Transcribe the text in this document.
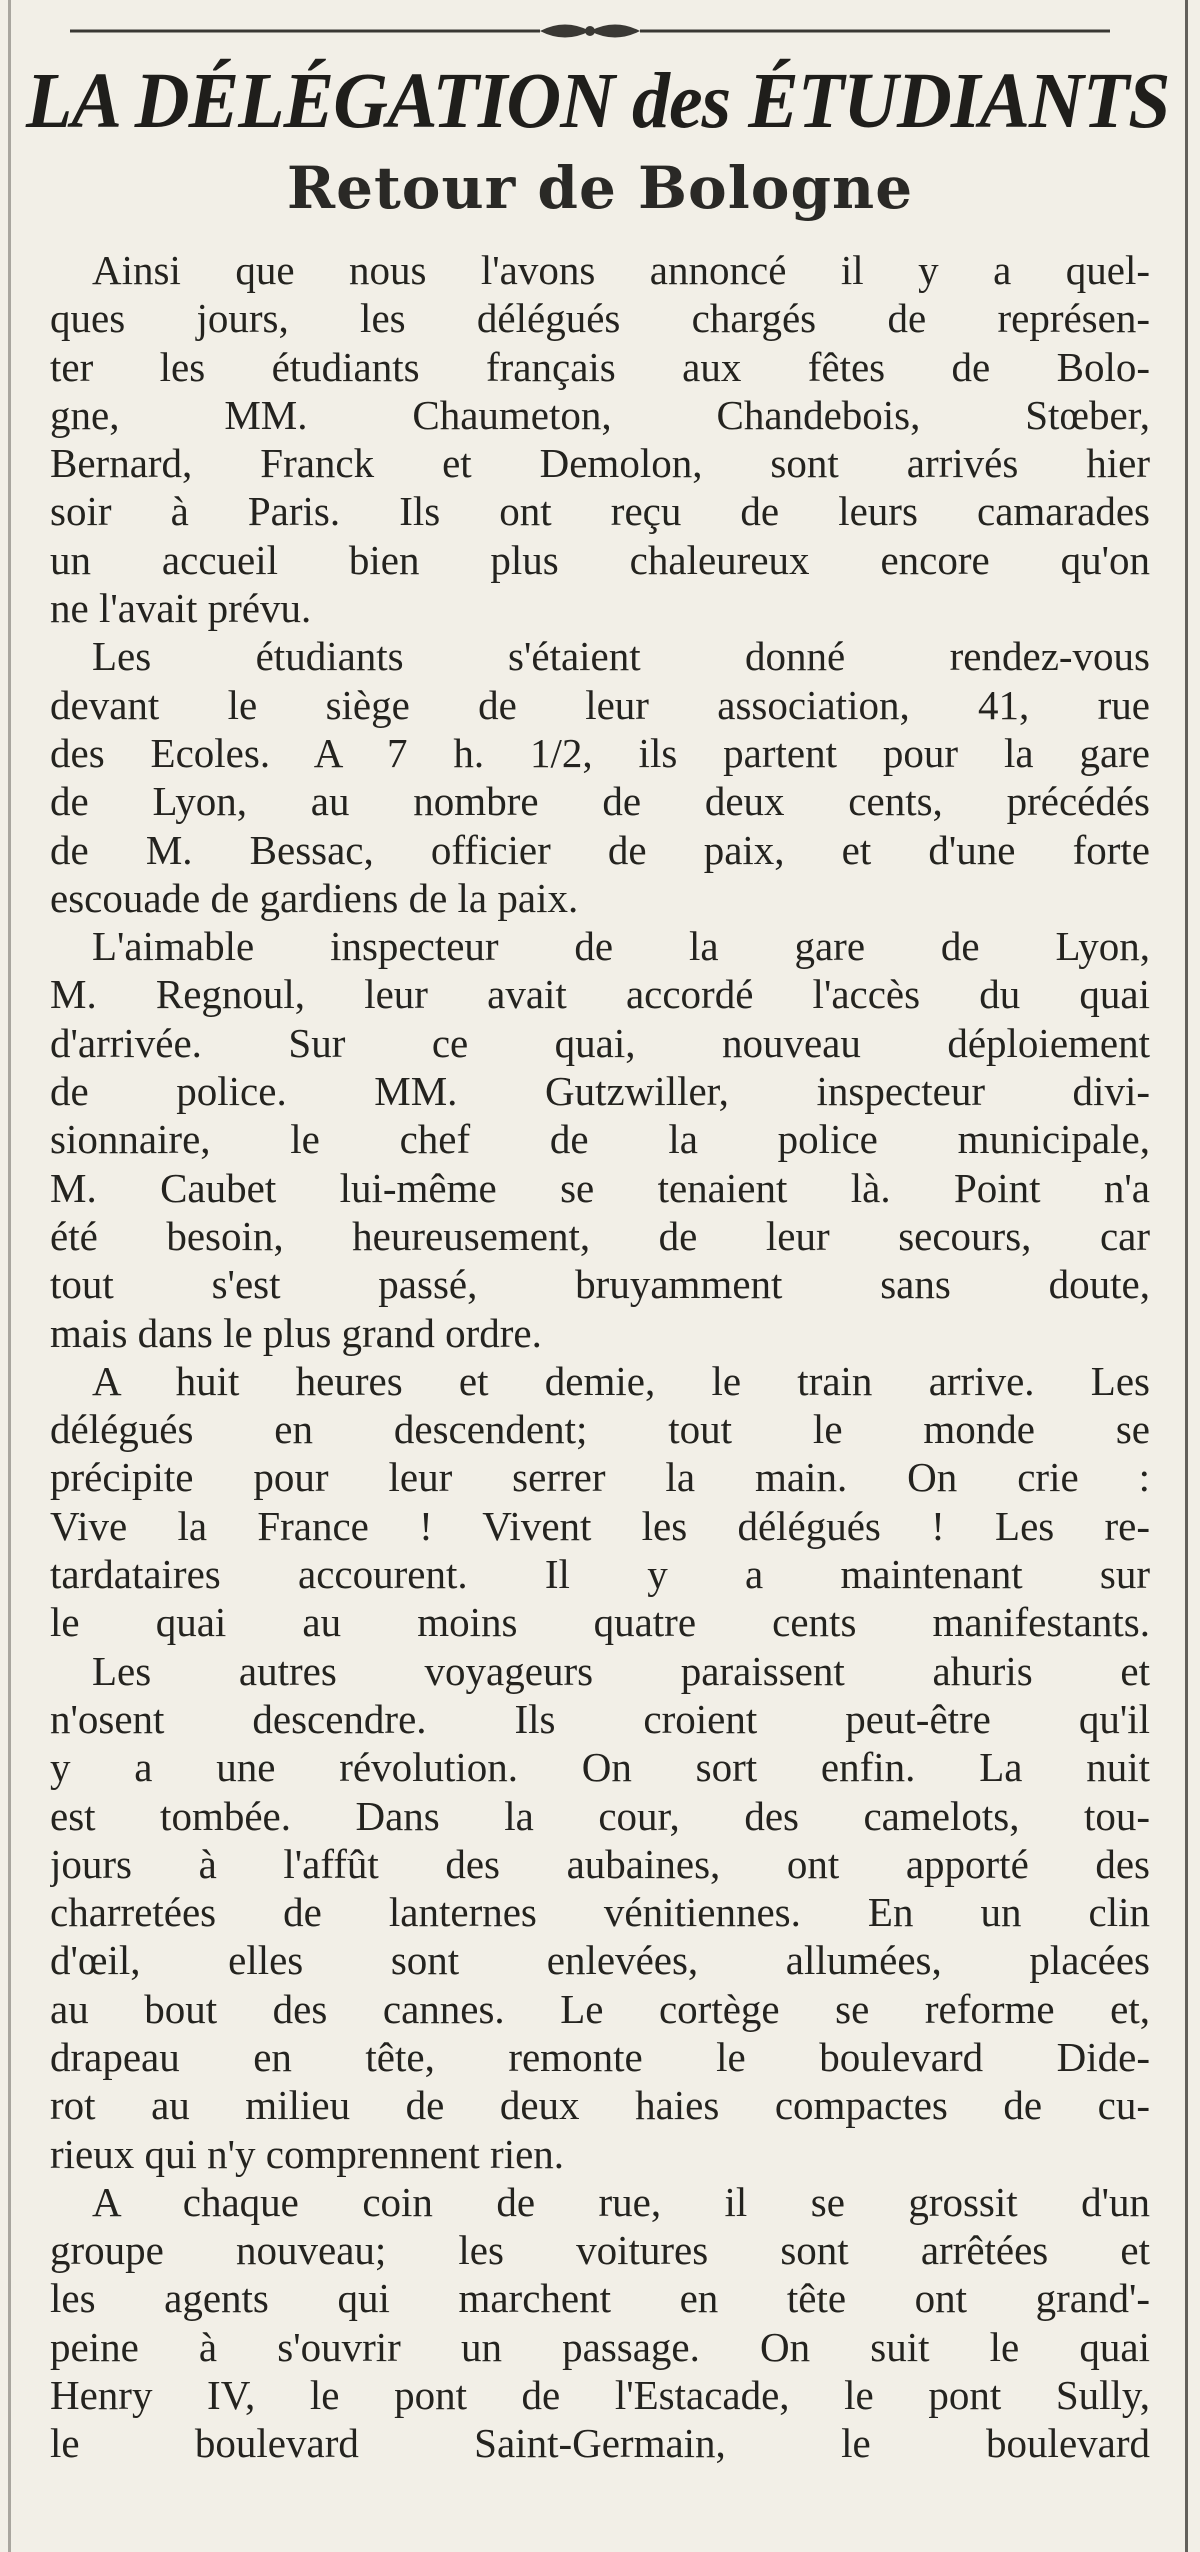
LA DÉLÉGATION des ÉTUDIANTS
Retour de Bologne
Ainsi que nous l'avons annoncé il y a quel-
ques jours, les délégués chargés de représen-
ter les étudiants français aux fêtes de Bolo-
gne, MM. Chaumeton, Chandebois, Stœber,
Bernard, Franck et Demolon, sont arrivés hier
soir à Paris. Ils ont reçu de leurs camarades
un accueil bien plus chaleureux encore qu'on
ne l'avait prévu.
Les étudiants s'étaient donné rendez-vous
devant le siège de leur association, 41, rue
des Ecoles. A 7 h. 1/2, ils partent pour la gare
de Lyon, au nombre de deux cents, précédés
de M. Bessac, officier de paix, et d'une forte
escouade de gardiens de la paix.
L'aimable inspecteur de la gare de Lyon,
M. Regnoul, leur avait accordé l'accès du quai
d'arrivée. Sur ce quai, nouveau déploiement
de police. MM. Gutzwiller, inspecteur divi-
sionnaire, le chef de la police municipale,
M. Caubet lui-même se tenaient là. Point n'a
été besoin, heureusement, de leur secours, car
tout s'est passé, bruyamment sans doute,
mais dans le plus grand ordre.
A huit heures et demie, le train arrive. Les
délégués en descendent; tout le monde se
précipite pour leur serrer la main. On crie :
Vive la France ! Vivent les délégués ! Les re-
tardataires accourent. Il y a maintenant sur
le quai au moins quatre cents manifestants.
Les autres voyageurs paraissent ahuris et
n'osent descendre. Ils croient peut-être qu'il
y a une révolution. On sort enfin. La nuit
est tombée. Dans la cour, des camelots, tou-
jours à l'affût des aubaines, ont apporté des
charretées de lanternes vénitiennes. En un clin
d'œil, elles sont enlevées, allumées, placées
au bout des cannes. Le cortège se reforme et,
drapeau en tête, remonte le boulevard Dide-
rot au milieu de deux haies compactes de cu-
rieux qui n'y comprennent rien.
A chaque coin de rue, il se grossit d'un
groupe nouveau; les voitures sont arrêtées et
les agents qui marchent en tête ont grand'-
peine à s'ouvrir un passage. On suit le quai
Henry IV, le pont de l'Estacade, le pont Sully,
le boulevard Saint-Germain, le boulevard
